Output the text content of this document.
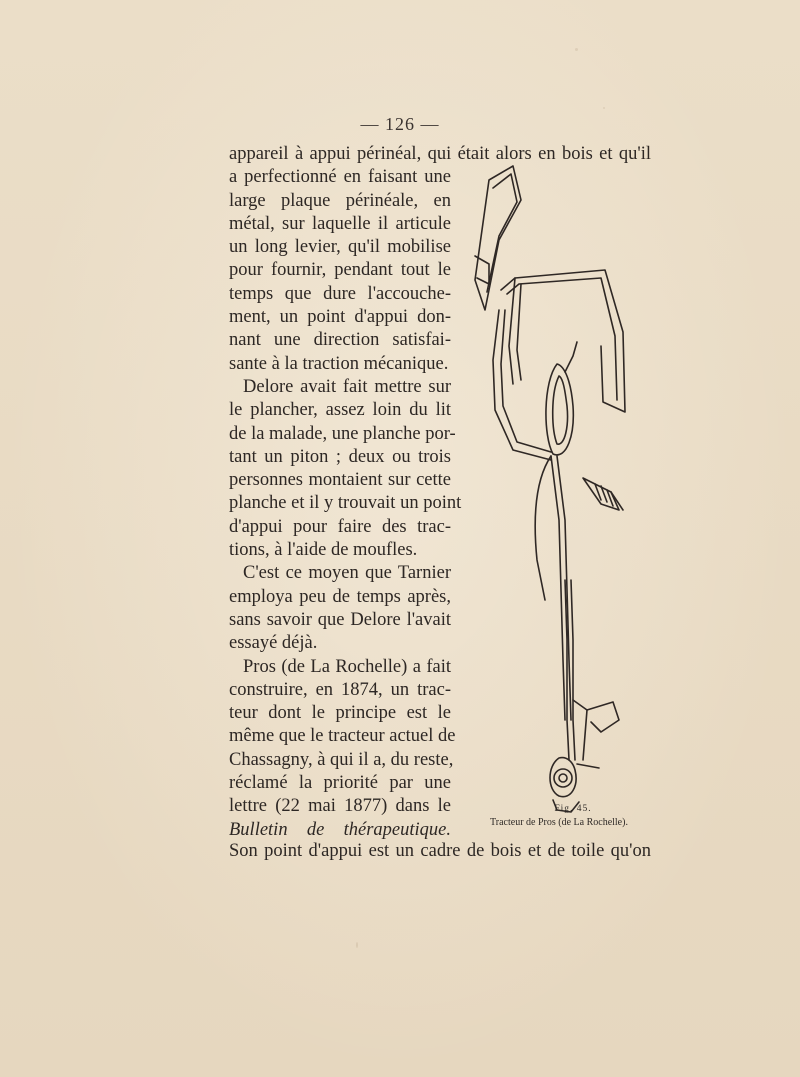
— 126 —
appareil à appui périnéal, qui était alors en bois et qu'il
a perfectionné en faisant une
large plaque périnéale, en
métal, sur laquelle il articule
un long levier, qu'il mobilise
pour fournir, pendant tout le
temps que dure l'accouche-
ment, un point d'appui don-
nant une direction satisfai-
sante à la traction mécanique.
Delore avait fait mettre sur
le plancher, assez loin du lit
de la malade, une planche por-
tant un piton ; deux ou trois
personnes montaient sur cette
planche et il y trouvait un point
d'appui pour faire des trac-
tions, à l'aide de moufles.
C'est ce moyen que Tarnier
employa peu de temps après,
sans savoir que Delore l'avait
essayé déjà.
Pros (de La Rochelle) a fait
construire, en 1874, un trac-
teur dont le principe est le
même que le tracteur actuel de
Chassagny, à qui il a, du reste,
réclamé la priorité par une
lettre (22 mai 1877) dans le
Bulletin de thérapeutique.
Fig. 45.
Tracteur de Pros (de La Rochelle).
Son point d'appui est un cadre de bois et de toile qu'on
